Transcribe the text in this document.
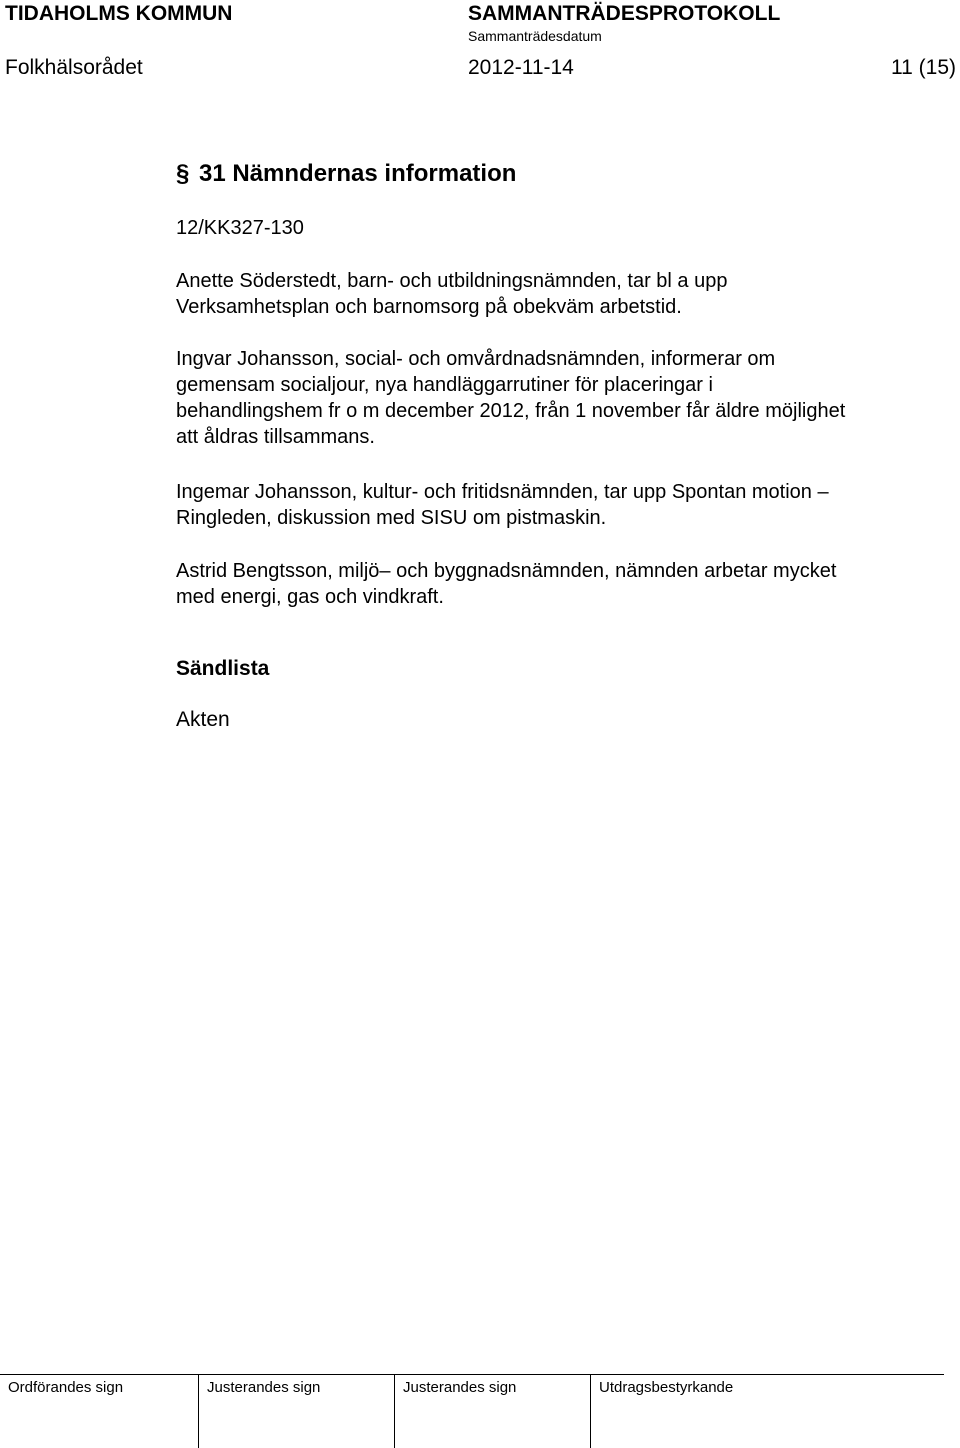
TIDAHOLMS KOMMUN	SAMMANTRÄDESPROTOKOLL
Sammanträdesdatum
Folkhälsorådet	2012-11-14	11 (15)
§ 31 Nämndernas information
12/KK327-130
Anette Söderstedt, barn- och utbildningsnämnden, tar bl a upp
Verksamhetsplan och barnomsorg på obekväm arbetstid.
Ingvar Johansson, social- och omvårdnadsnämnden, informerar om
gemensam socialjour, nya handläggarrutiner för placeringar i
behandlingshem fr o m december 2012, från 1 november får äldre möjlighet
att åldras tillsammans.
Ingemar Johansson, kultur- och fritidsnämnden, tar upp Spontan motion –
Ringleden, diskussion med SISU om pistmaskin.
Astrid Bengtsson, miljö– och byggnadsnämnden, nämnden arbetar mycket
med energi, gas och vindkraft.
Sändlista
Akten
Ordförandes sign	Justerandes sign	Justerandes sign	Utdragsbestyrkande
